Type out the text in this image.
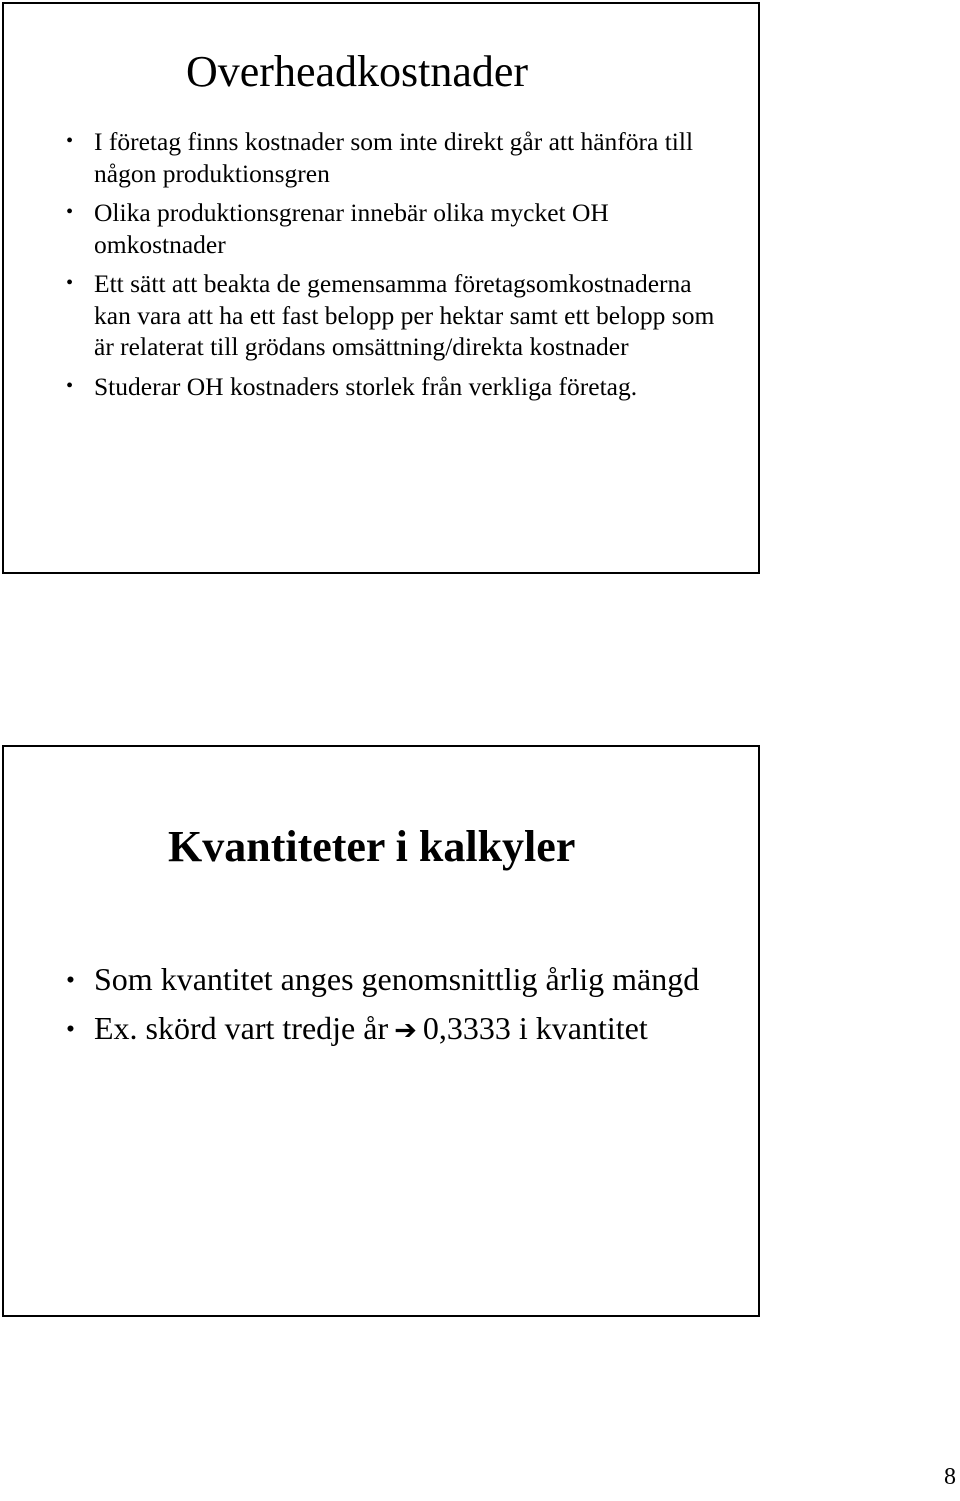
Overheadkostnader
• I företag finns kostnader som inte direkt går att hänföra till någon produktionsgren
• Olika produktionsgrenar innebär olika mycket OH omkostnader
• Ett sätt att beakta de gemensamma företagsomkostnaderna kan vara att ha ett fast belopp per hektar samt ett belopp som är relaterat till grödans omsättning/direkta kostnader
• Studerar OH kostnaders storlek från verkliga företag.
Kvantiteter i kalkyler
• Som kvantitet anges genomsnittlig årlig mängd
• Ex. skörd vart tredje år ➔ 0,3333 i kvantitet
8
